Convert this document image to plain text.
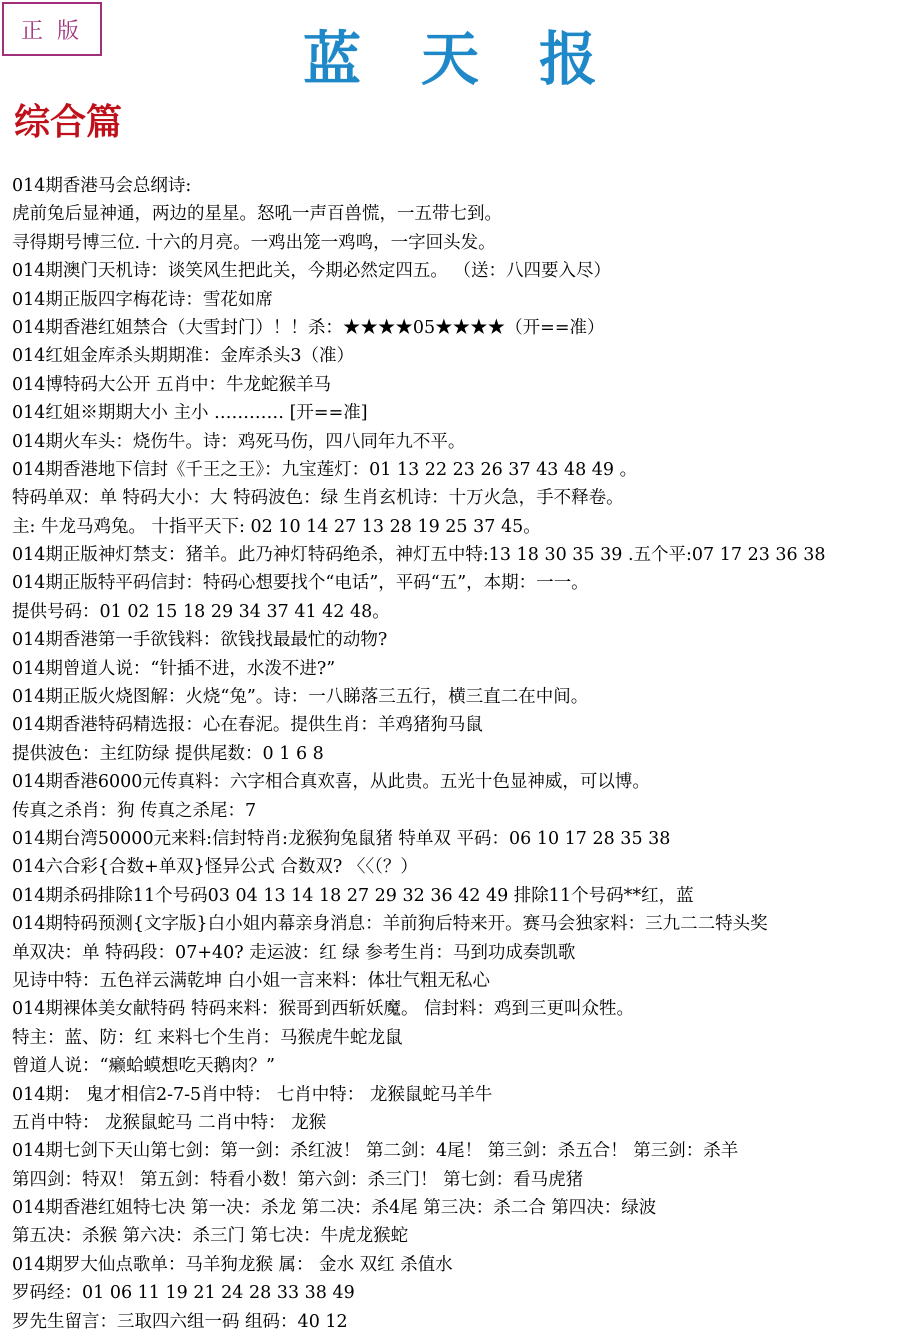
正版	蓝天报
综合篇
014期香港马会总纲诗:
虎前兔后显神通，两边的星星。怒吼一声百兽慌，一五带七到。
寻得期号博三位. 十六的月亮。一鸡出笼一鸡鸣，一字回头发。
014期澳门天机诗：谈笑风生把此关，今期必然定四五。 （送：八四要入尽）
014期正版四字梅花诗：雪花如席
014期香港红姐禁合（大雪封门）！！杀：★★★★05★★★★（开==准）
014红姐金库杀头期期准：金库杀头3（准）
014博特码大公开 五肖中：牛龙蛇猴羊马
014红姐※期期大小 主小 ………… [开==准]
014期火车头：烧伤牛。诗：鸡死马伤，四八同年九不平。
014期香港地下信封《千王之王》：九宝莲灯：01 13 22 23 26 37 43 48 49 。
特码单双：单 特码大小：大 特码波色：绿 生肖玄机诗：十万火急，手不释卷。
主: 牛龙马鸡兔。 十指平天下: 02 10 14 27 13 28 19 25 37 45。
014期正版神灯禁支：猪羊。此乃神灯特码绝杀，神灯五中特:13 18 30 35 39 .五个平:07 17 23 36 38
014期正版特平码信封：特码心想要找个“电话”，平码“五”，本期：一一。
提供号码：01 02 15 18 29 34 37 41 42 48。
014期香港第一手欲钱料：欲钱找最最忙的动物?
014期曾道人说：“针插不进，水泼不进?”
014期正版火烧图解：火烧“兔”。诗：一八睇落三五行，横三直二在中间。
014期香港特码精选报：心在春泥。提供生肖：羊鸡猪狗马鼠
提供波色：主红防绿 提供尾数：0 1 6 8
014期香港6000元传真料：六字相合真欢喜，从此贵。五光十色显神威，可以博。
传真之杀肖：狗 传真之杀尾：7
014期台湾50000元来料:信封特肖:龙猴狗兔鼠猪 特单双 平码：06 10 17 28 35 38
014六合彩{合数+单双}怪异公式 合数双? 〈〈（？）
014期杀码排除11个号码03 04 13 14 18 27 29 32 36 42 49 排除11个号码**红，蓝
014期特码预测{文字版}白小姐内幕亲身消息：羊前狗后特来开。赛马会独家料：三九二二特头奖
单双决：单 特码段：07+40? 走运波：红 绿 参考生肖：马到功成奏凯歌
见诗中特：五色祥云满乾坤 白小姐一言来料：体壮气粗无私心
014期裸体美女献特码 特码来料：猴哥到西斩妖魔。 信封料：鸡到三更叫众牲。
特主：蓝、防：红 来料七个生肖：马猴虎牛蛇龙鼠
曾道人说：“癞蛤蟆想吃天鹅肉？”
014期： 鬼才相信2-7-5肖中特： 七肖中特： 龙猴鼠蛇马羊牛
五肖中特： 龙猴鼠蛇马 二肖中特： 龙猴
014期七剑下天山第七剑：第一剑：杀红波！ 第二剑：4尾！ 第三剑：杀五合！ 第三剑：杀羊
第四剑：特双！ 第五剑：特看小数！第六剑：杀三门！ 第七剑：看马虎猪
014期香港红姐特七决 第一决：杀龙 第二决：杀4尾 第三决：杀二合 第四决：绿波
第五决：杀猴 第六决：杀三门 第七决：牛虎龙猴蛇
014期罗大仙点歌单：马羊狗龙猴 属： 金水 双红 杀值水
罗码经：01 06 11 19 21 24 28 33 38 49
罗先生留言：三取四六组一码 组码：40 12
